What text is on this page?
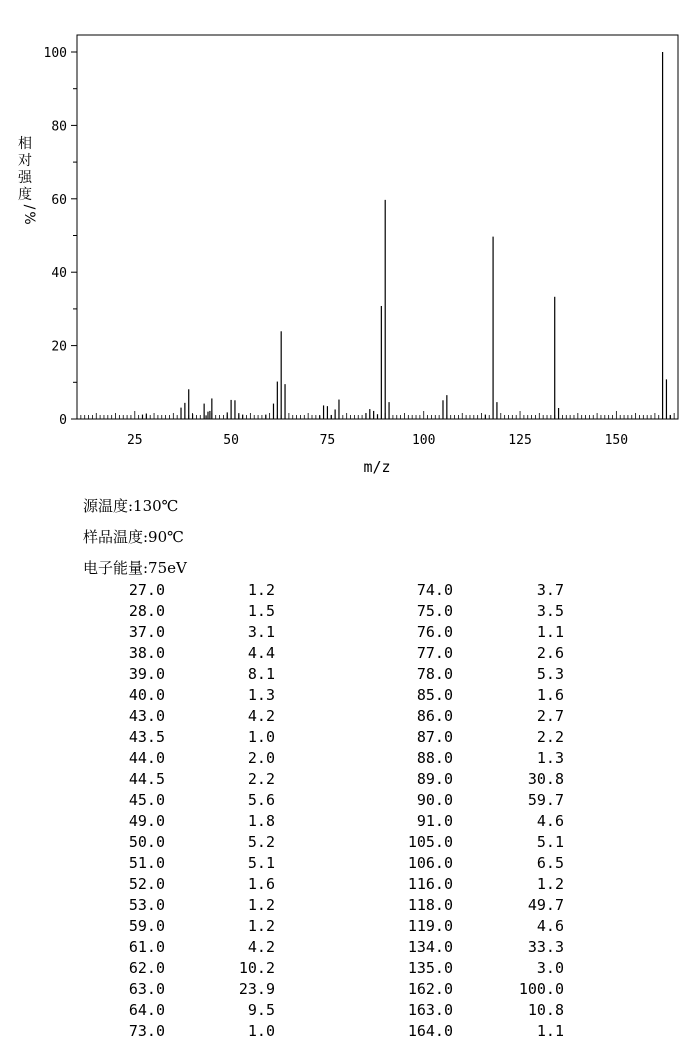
0
20
40
60
80
100
25	50	75	100	125	150
m/z
相
对
强
度
/
%
源温度:130℃
样品温度:90℃
电子能量:75eV
27.0	1.2	74.0	3.7
28.0	1.5	75.0	3.5
37.0	3.1	76.0	1.1
38.0	4.4	77.0	2.6
39.0	8.1	78.0	5.3
40.0	1.3	85.0	1.6
43.0	4.2	86.0	2.7
43.5	1.0	87.0	2.2
44.0	2.0	88.0	1.3
44.5	2.2	89.0	30.8
45.0	5.6	90.0	59.7
49.0	1.8	91.0	4.6
50.0	5.2	105.0	5.1
51.0	5.1	106.0	6.5
52.0	1.6	116.0	1.2
53.0	1.2	118.0	49.7
59.0	1.2	119.0	4.6
61.0	4.2	134.0	33.3
62.0	10.2	135.0	3.0
63.0	23.9	162.0	100.0
64.0	9.5	163.0	10.8
73.0	1.0	164.0	1.1
